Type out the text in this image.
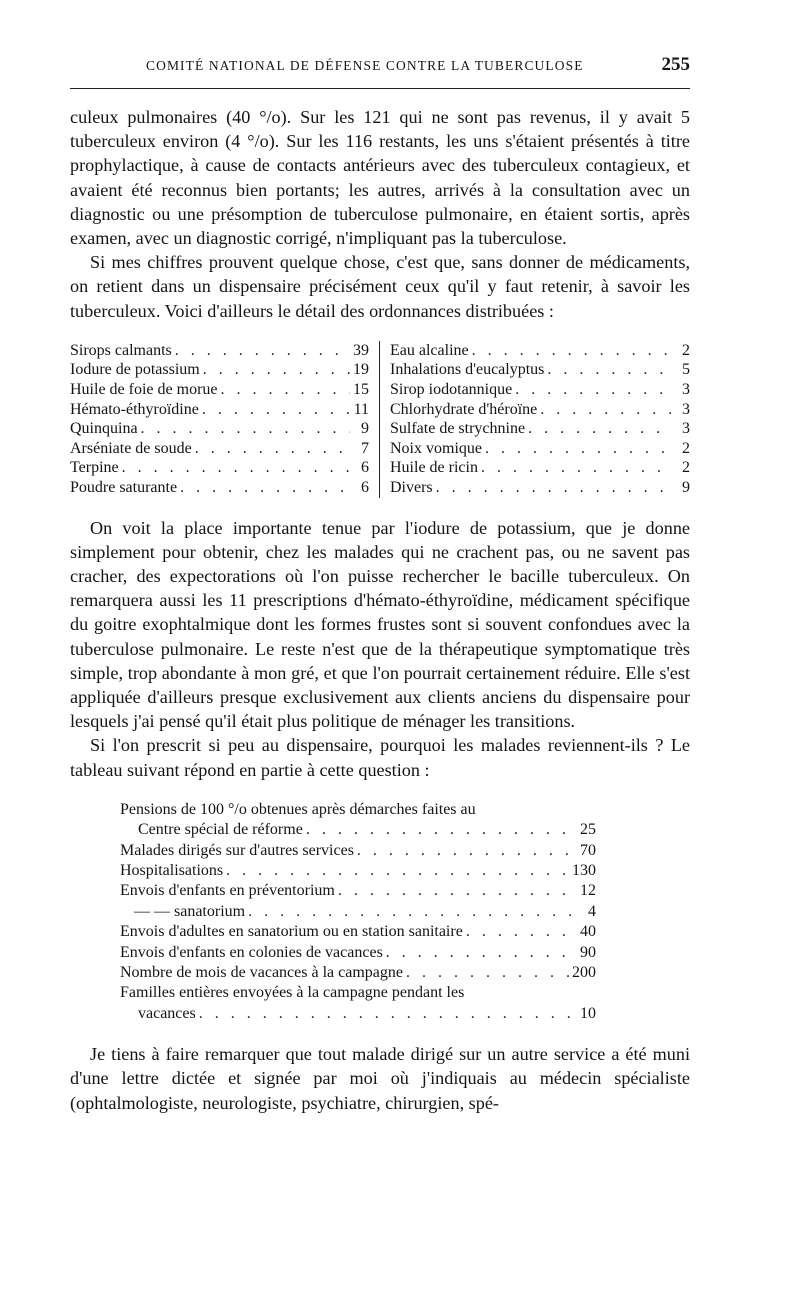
COMITÉ NATIONAL DE DÉFENSE CONTRE LA TUBERCULOSE	255

culeux pulmonaires (40 °/o). Sur les 121 qui ne sont pas revenus, il y avait 5 tuberculeux environ (4 °/o). Sur les 116 restants, les uns s'étaient présentés à titre prophylactique, à cause de contacts antérieurs avec des tuberculeux contagieux, et avaient été reconnus bien portants; les autres, arrivés à la consultation avec un diagnostic ou une présomption de tuberculose pulmonaire, en étaient sortis, après examen, avec un diagnostic corrigé, n'impliquant pas la tuberculose.

Si mes chiffres prouvent quelque chose, c'est que, sans donner de médicaments, on retient dans un dispensaire précisément ceux qu'il y faut retenir, à savoir les tuberculeux. Voici d'ailleurs le détail des ordonnances distribuées :

Sirops calmants . . .	39
Iodure de potassium . . .	19
Huile de foie de morue . . .	15
Hémato-éthyroïdine . . .	11
Quinquina . . .	9
Arséniate de soude . . .	7
Terpine . . .	6
Poudre saturante . . .	6
Eau alcaline . . .	2
Inhalations d'eucalyptus . . .	5
Sirop iodotannique . . .	3
Chlorhydrate d'héroïne . . .	3
Sulfate de strychnine . . .	3
Noix vomique . . .	2
Huile de ricin . . .	2
Divers . . .	9

On voit la place importante tenue par l'iodure de potassium, que je donne simplement pour obtenir, chez les malades qui ne crachent pas, ou ne savent pas cracher, des expectorations où l'on puisse rechercher le bacille tuberculeux. On remarquera aussi les 11 prescriptions d'hémato-éthyroïdine, médicament spécifique du goitre exophtalmique dont les formes frustes sont si souvent confondues avec la tuberculose pulmonaire. Le reste n'est que de la thérapeutique symptomatique très simple, trop abondante à mon gré, et que l'on pourrait certainement réduire. Elle s'est appliquée d'ailleurs presque exclusivement aux clients anciens du dispensaire pour lesquels j'ai pensé qu'il était plus politique de ménager les transitions.

Si l'on prescrit si peu au dispensaire, pourquoi les malades reviennent-ils ? Le tableau suivant répond en partie à cette question :

Pensions de 100 °/o obtenues après démarches faites au
Centre spécial de réforme . . .	25
Malades dirigés sur d'autres services . . .	70
Hospitalisations . . .	130
Envois d'enfants en préventorium . . .	12
— — sanatorium . . .	4
Envois d'adultes en sanatorium ou en station sanitaire . . .	40
Envois d'enfants en colonies de vacances . . .	90
Nombre de mois de vacances à la campagne . . .	200
Familles entières envoyées à la campagne pendant les
vacances . . .	10

Je tiens à faire remarquer que tout malade dirigé sur un autre service a été muni d'une lettre dictée et signée par moi où j'indiquais au médecin spécialiste (ophtalmologiste, neurologiste, psychiatre, chirurgien, spé-
